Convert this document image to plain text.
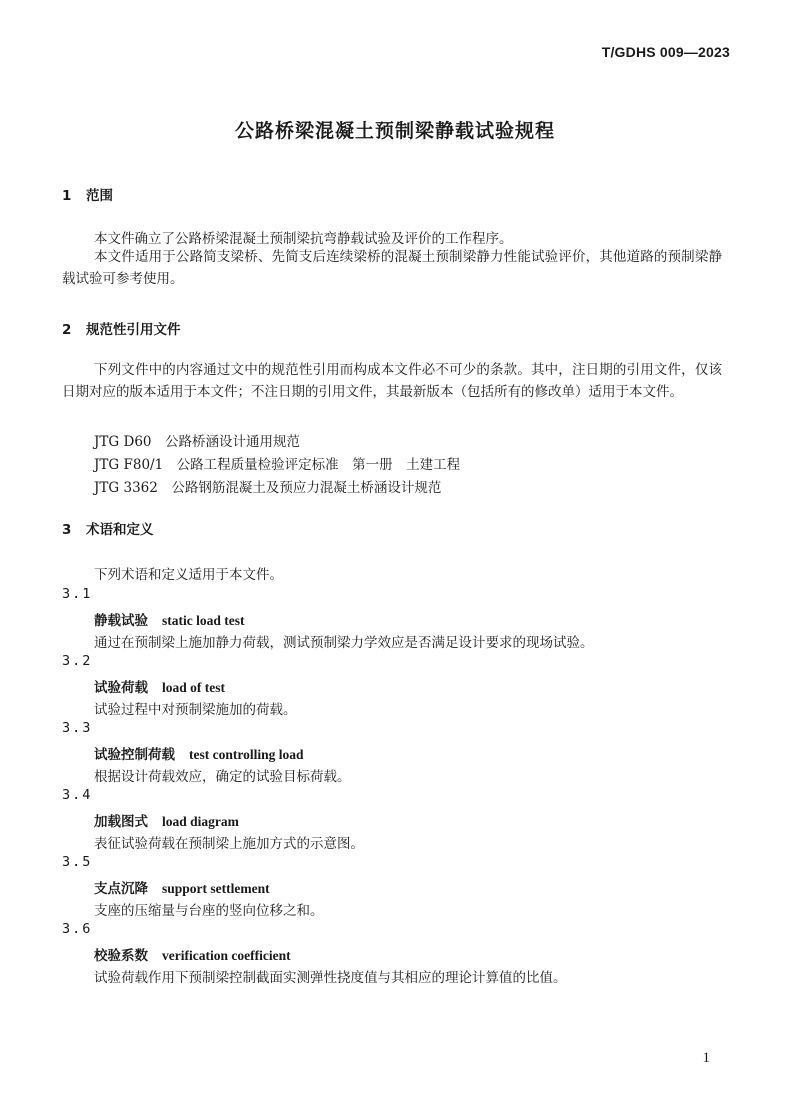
T/GDHS 009—2023
公路桥梁混凝土预制梁静载试验规程
1 范围
本文件确立了公路桥梁混凝土预制梁抗弯静载试验及评价的工作程序。
本文件适用于公路简支梁桥、先简支后连续梁桥的混凝土预制梁静力性能试验评价，其他道路的预制梁静载试验可参考使用。
2 规范性引用文件
下列文件中的内容通过文中的规范性引用而构成本文件必不可少的条款。其中，注日期的引用文件，仅该日期对应的版本适用于本文件；不注日期的引用文件，其最新版本（包括所有的修改单）适用于本文件。
JTG D60　公路桥涵设计通用规范
JTG F80/1　公路工程质量检验评定标准　第一册　土建工程
JTG 3362　公路钢筋混凝土及预应力混凝土桥涵设计规范
3 术语和定义
下列术语和定义适用于本文件。
3.1
静载试验 static load test
通过在预制梁上施加静力荷载，测试预制梁力学效应是否满足设计要求的现场试验。
3.2
试验荷载 load of test
试验过程中对预制梁施加的荷载。
3.3
试验控制荷载 test controlling load
根据设计荷载效应，确定的试验目标荷载。
3.4
加载图式 load diagram
表征试验荷载在预制梁上施加方式的示意图。
3.5
支点沉降 support settlement
支座的压缩量与台座的竖向位移之和。
3.6
校验系数 verification coefficient
试验荷载作用下预制梁控制截面实测弹性挠度值与其相应的理论计算值的比值。
1
